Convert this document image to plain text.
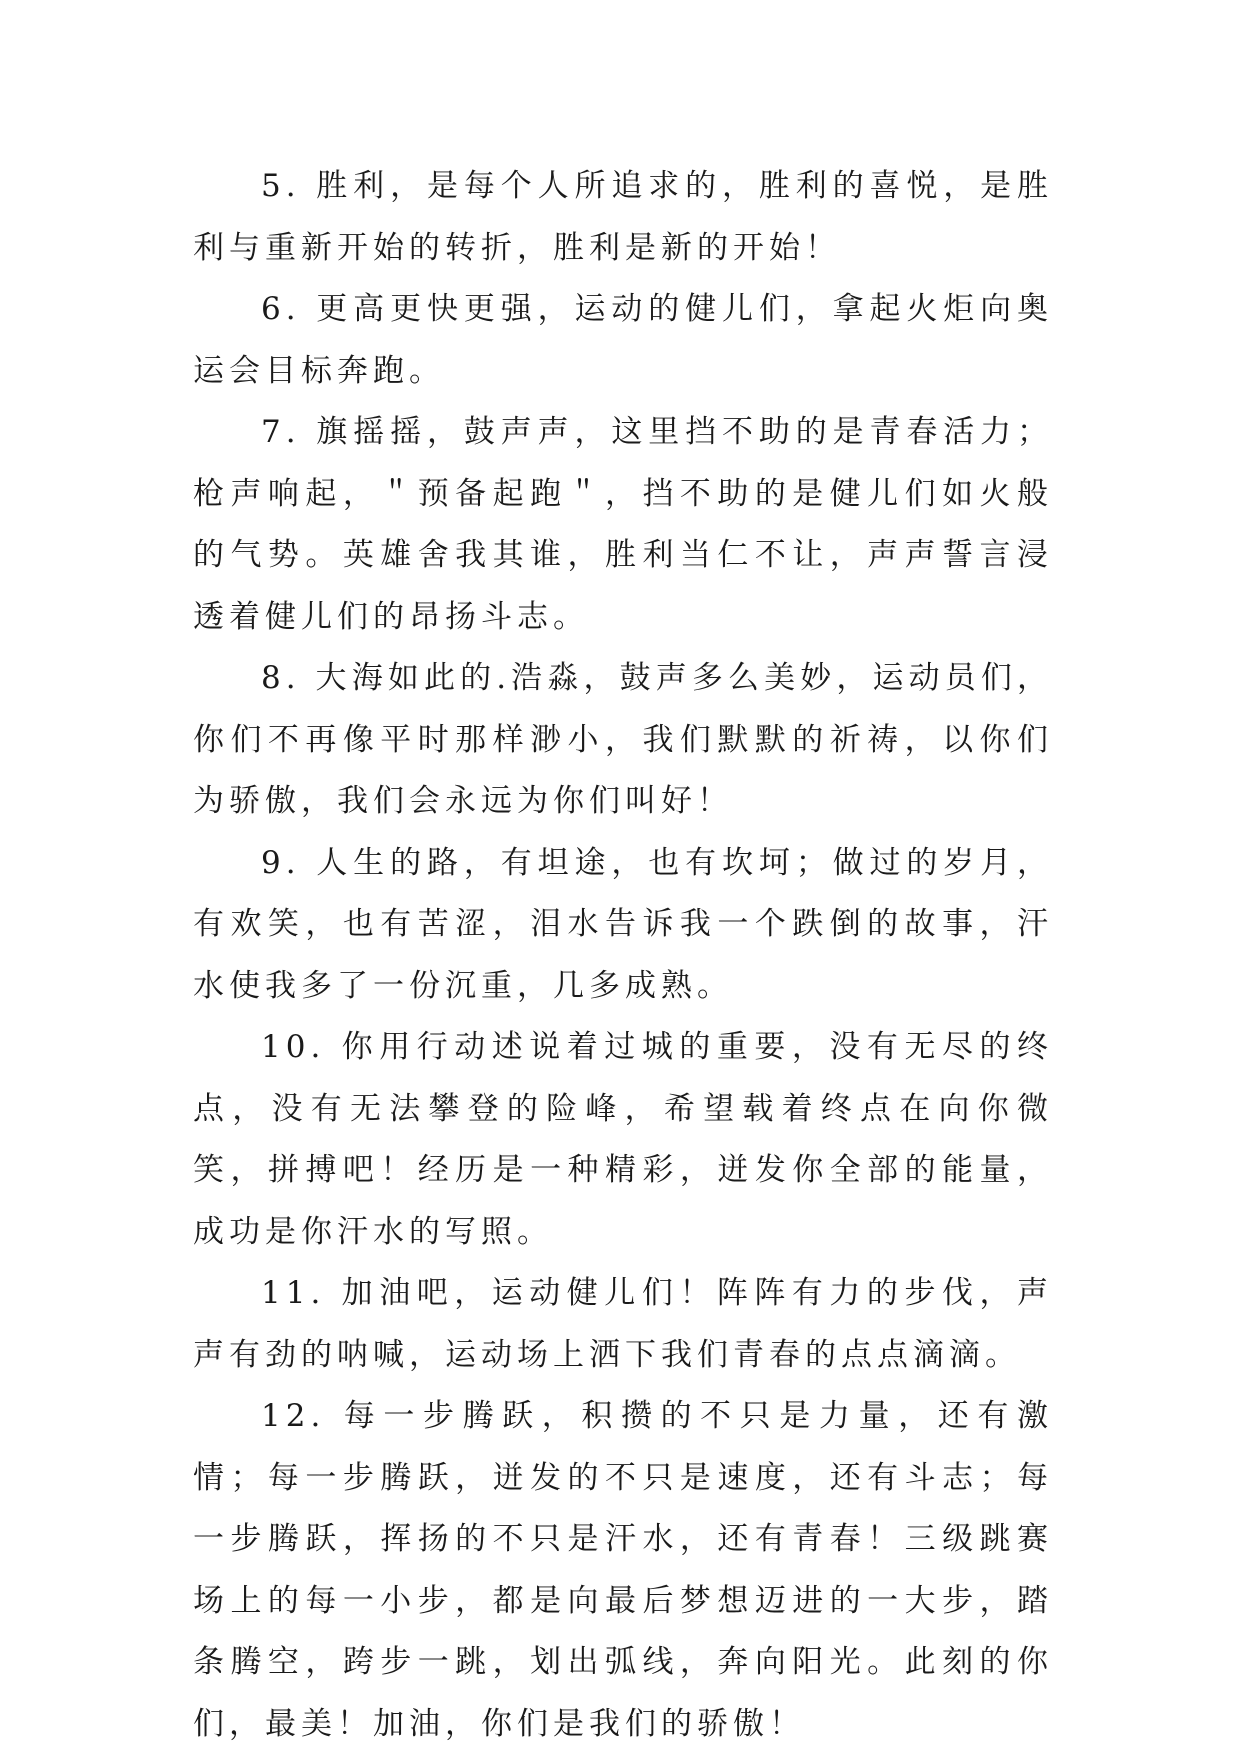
5. 胜利，是每个人所追求的，胜利的喜悦，是胜利与重新开始的转折，胜利是新的开始！

6. 更高更快更强，运动的健儿们，拿起火炬向奥运会目标奔跑。

7. 旗摇摇，鼓声声，这里挡不助的是青春活力；枪声响起，＂预备起跑＂，挡不助的是健儿们如火般的气势。英雄舍我其谁，胜利当仁不让，声声誓言浸透着健儿们的昂扬斗志。

8. 大海如此的.浩淼，鼓声多么美妙，运动员们，你们不再像平时那样渺小，我们默默的祈祷，以你们为骄傲，我们会永远为你们叫好！

9. 人生的路，有坦途，也有坎坷；做过的岁月，有欢笑，也有苦涩，泪水告诉我一个跌倒的故事，汗水使我多了一份沉重，几多成熟。

10. 你用行动述说着过城的重要，没有无尽的终点，没有无法攀登的险峰，希望载着终点在向你微笑，拼搏吧！经历是一种精彩，迸发你全部的能量，成功是你汗水的写照。

11. 加油吧，运动健儿们！阵阵有力的步伐，声声有劲的呐喊，运动场上洒下我们青春的点点滴滴。

12. 每一步腾跃，积攒的不只是力量，还有激情；每一步腾跃，迸发的不只是速度，还有斗志；每一步腾跃，挥扬的不只是汗水，还有青春！三级跳赛场上的每一小步，都是向最后梦想迈进的一大步，踏条腾空，跨步一跳，划出弧线，奔向阳光。此刻的你们，最美！加油，你们是我们的骄傲！
